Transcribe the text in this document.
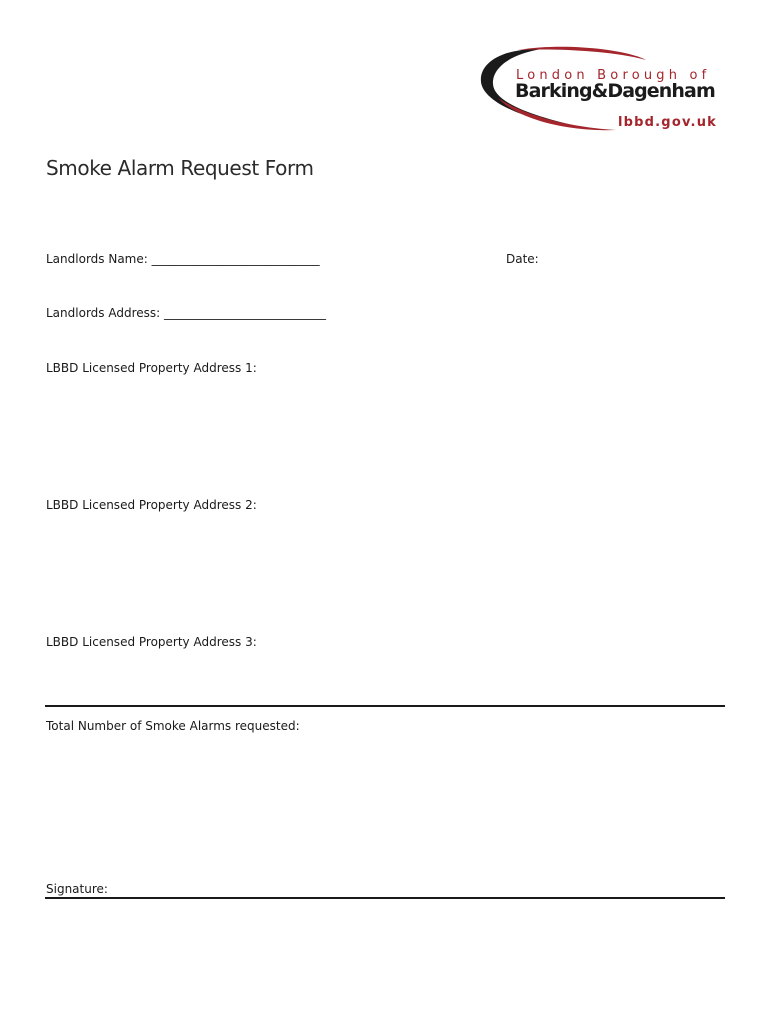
London Borough of
Barking&Dagenham
lbbd.gov.uk
Smoke Alarm Request Form
Landlords Name: ____________________________	Date:
Landlords Address: ___________________________
LBBD Licensed Property Address 1:
LBBD Licensed Property Address 2:
LBBD Licensed Property Address 3:
Total Number of Smoke Alarms requested:
Signature:
